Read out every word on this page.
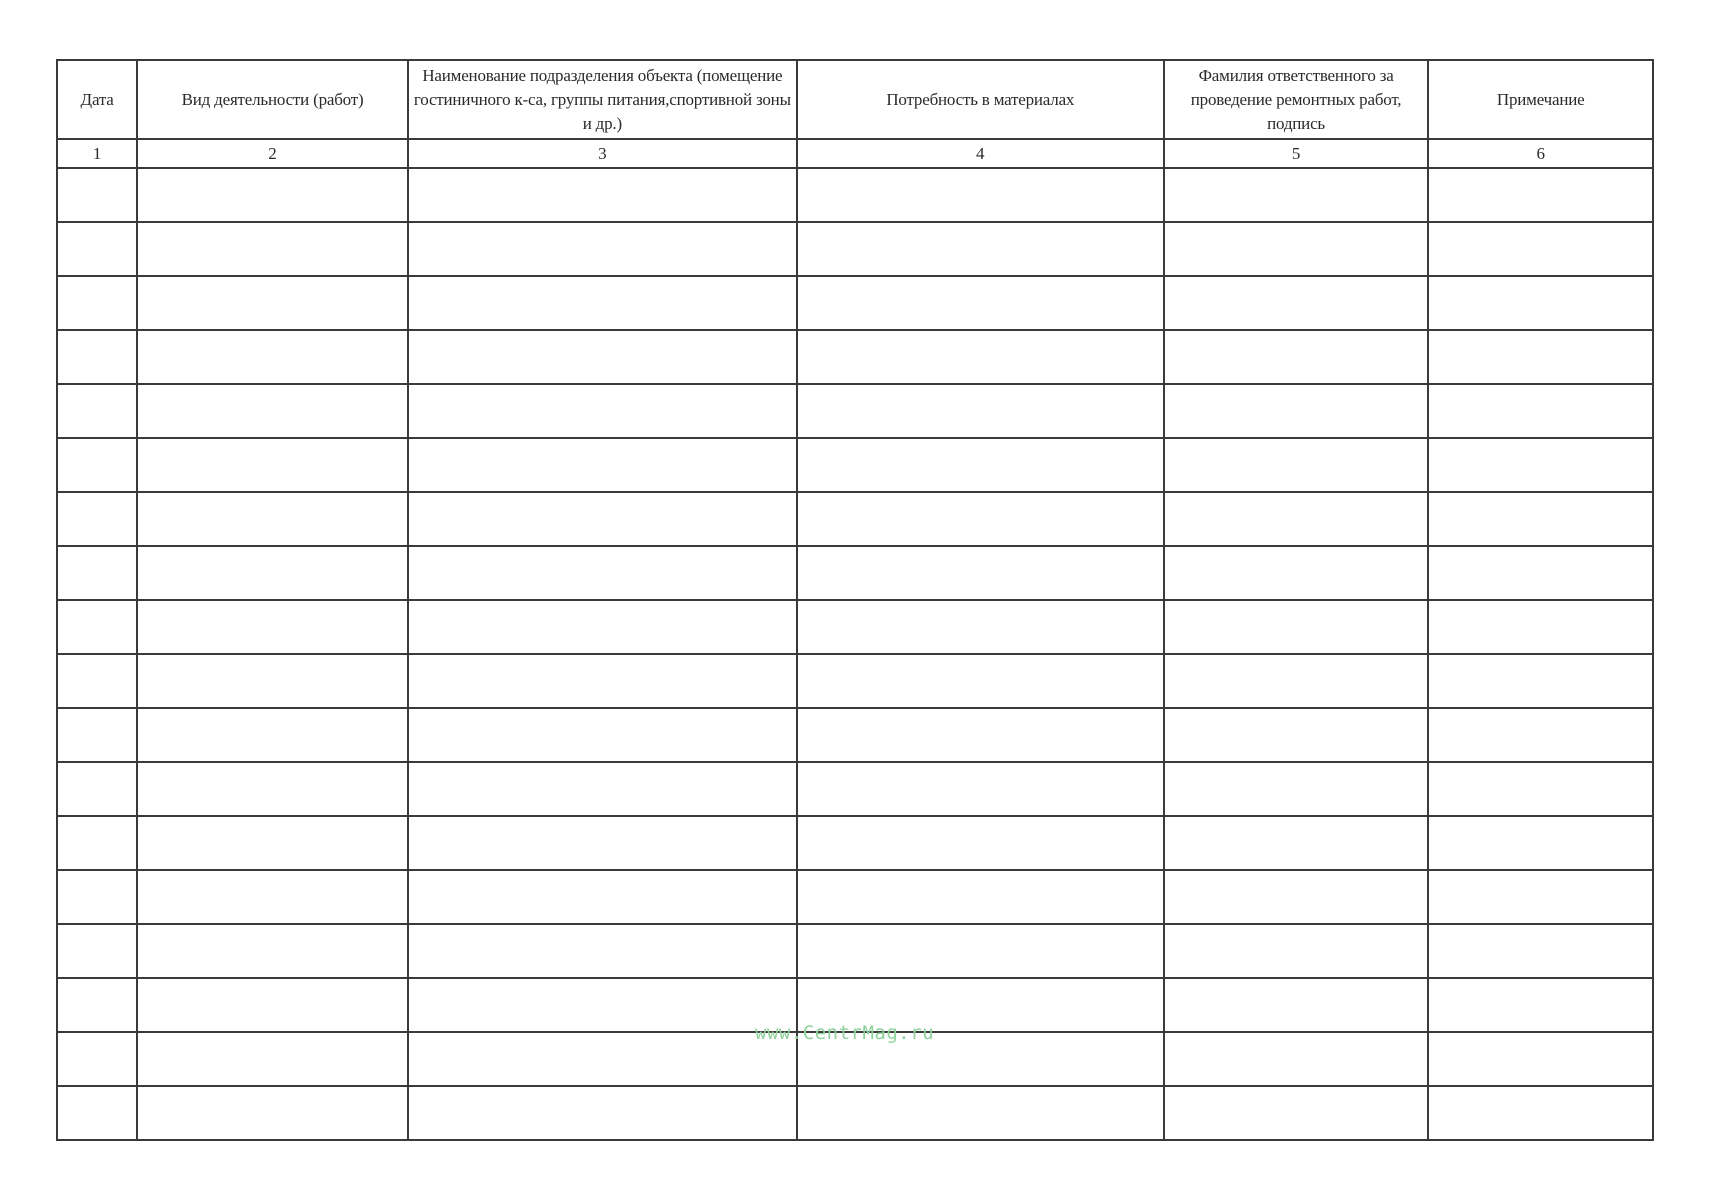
Дата	Вид деятельности (работ)	Наименование подразделения объекта (помещение гостиничного к-са, группы питания,спортивной зоны и др.)	Потребность в материалах	Фамилия ответственного за проведение ремонтных работ, подпись	Примечание
1	2	3	4	5	6

www.CentrMag.ru
